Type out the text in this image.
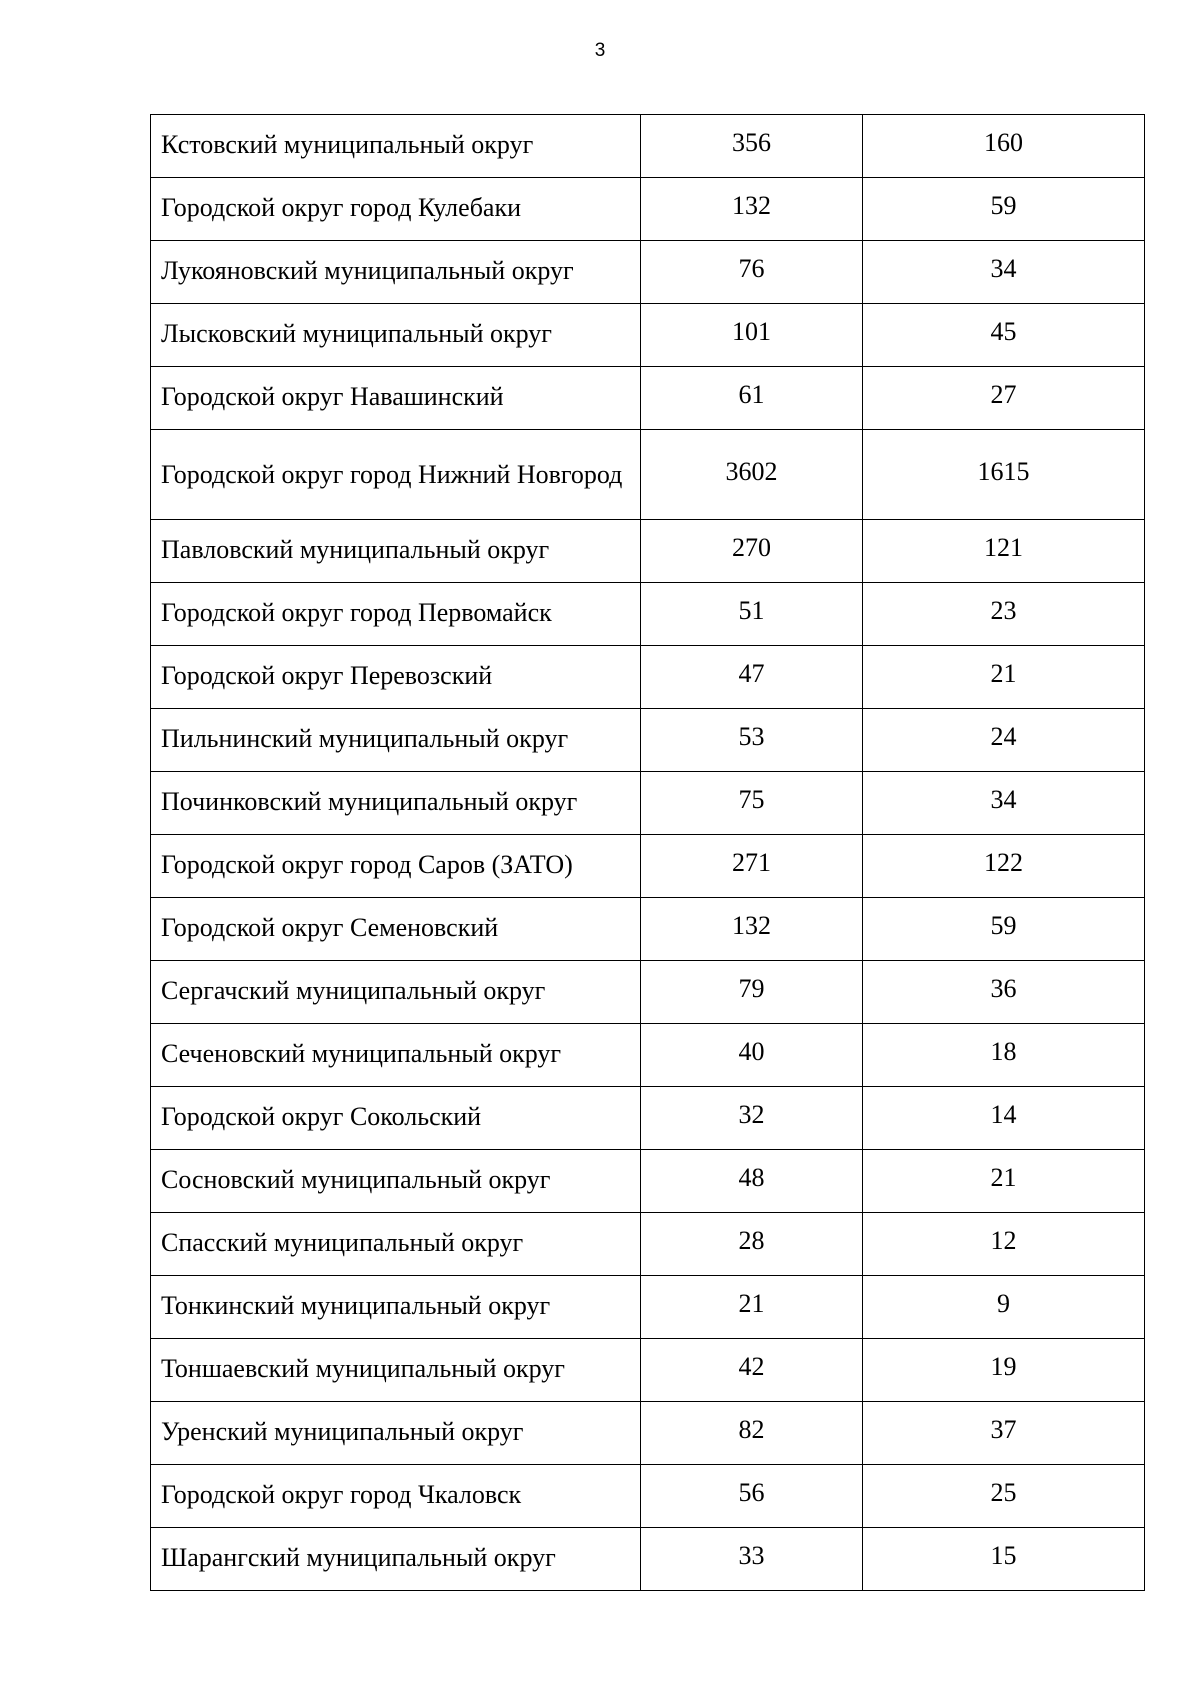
3
Кстовский муниципальный округ	356	160
Городской округ город Кулебаки	132	59
Лукояновский муниципальный округ	76	34
Лысковский муниципальный округ	101	45
Городской округ Навашинский	61	27
Городской округ город Нижний Новгород	3602	1615
Павловский муниципальный округ	270	121
Городской округ город Первомайск	51	23
Городской округ Перевозский	47	21
Пильнинский муниципальный округ	53	24
Починковский муниципальный округ	75	34
Городской округ город Саров (ЗАТО)	271	122
Городской округ Семеновский	132	59
Сергачский муниципальный округ	79	36
Сеченовский муниципальный округ	40	18
Городской округ Сокольский	32	14
Сосновский муниципальный округ	48	21
Спасский муниципальный округ	28	12
Тонкинский муниципальный округ	21	9
Тоншаевский муниципальный округ	42	19
Уренский муниципальный округ	82	37
Городской округ город Чкаловск	56	25
Шарангский муниципальный округ	33	15
